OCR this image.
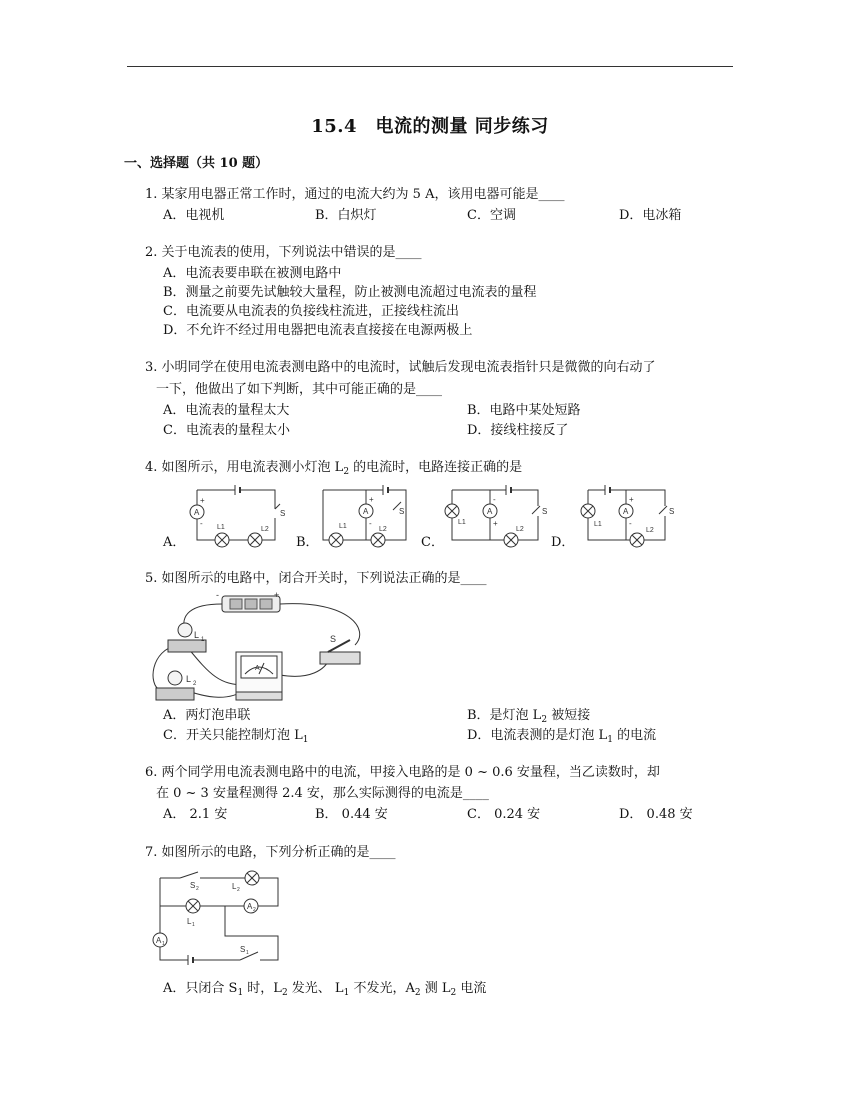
15.4　电流的测量 同步练习
一、选择题（共 10 题）
1. 某家用电器正常工作时，通过的电流大约为 5 A，该用电器可能是____
A．电视机	B．白炽灯	C．空调	D．电冰箱
2. 关于电流表的使用，下列说法中错误的是____
A．电流表要串联在被测电路中
B．测量之前要先试触较大量程，防止被测电流超过电流表的量程
C．电流要从电流表的负接线柱流进，正接线柱流出
D．不允许不经过用电器把电流表直接接在电源两极上
3. 小明同学在使用电流表测电路中的电流时，试触后发现电流表指针只是微微的向右动了
一下，他做出了如下判断，其中可能正确的是____
A．电流表的量程太大	B．电路中某处短路
C．电流表的量程太小	D．接线柱接反了
4. 如图所示，用电流表测小灯泡 $L_2$ 的电流时，电路连接正确的是
A．	B．	C．	D．
A
+
-
S
L1	L2
A
+
-
S
L1	L2
A
-
+
S
L1
L2
A
+
-
S
L1
L2
5. 如图所示的电路中，闭合开关时，下列说法正确的是____
-	+
L 1
L 2
A
S
A．两灯泡串联	B．是灯泡 $L_2$ 被短接
C．开关只能控制灯泡 $L_1$	D．电流表测的是灯泡 $L_1$ 的电流
6. 两个同学用电流表测电路中的电流，甲接入电路的是 0 ~ 0.6 安量程，当乙读数时，却
在 0 ~ 3 安量程测得 2.4 安，那么实际测得的电流是____
A． 2.1 安	B． 0.44 安	C． 0.24 安	D． 0.48 安
7. 如图所示的电路，下列分析正确的是____
S 2	L 2
L 1
A 2
A 1
S 1
A．只闭合 $S_1$ 时，$L_2$ 发光、 $L_1$ 不发光，$A_2$ 测 $L_2$ 电流
